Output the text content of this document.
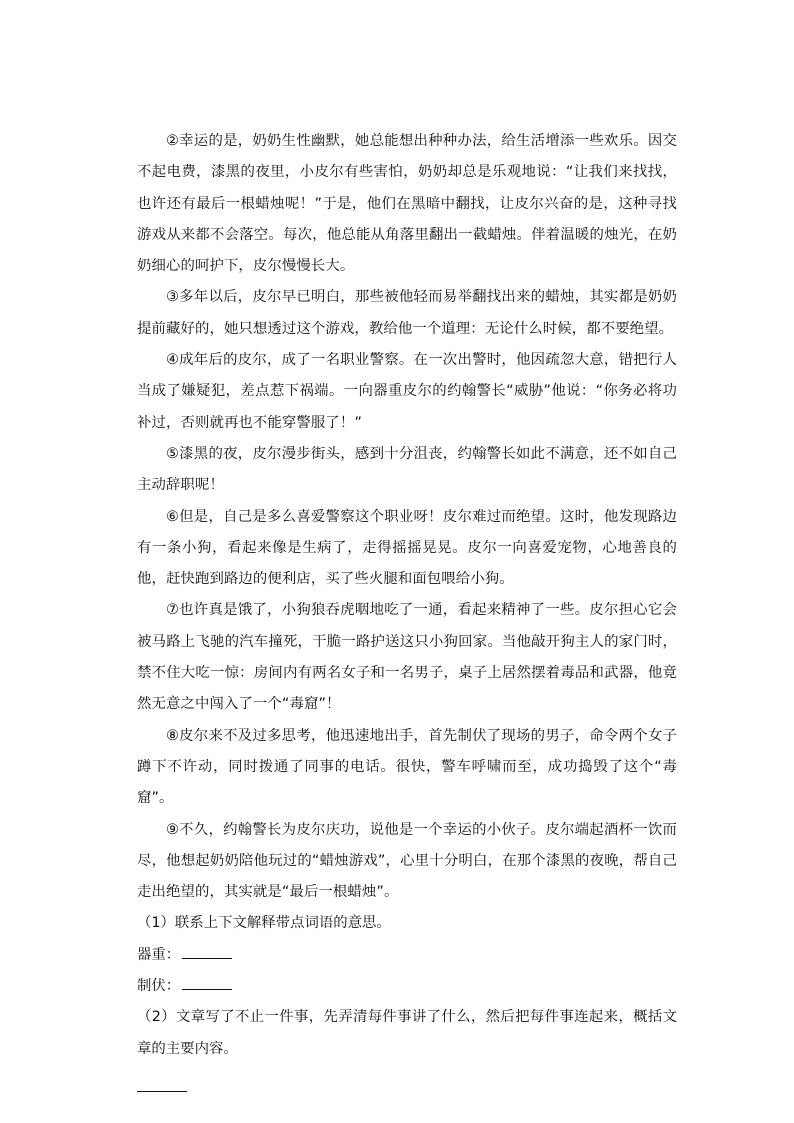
②幸运的是，奶奶生性幽默，她总能想出种种办法，给生活增添一些欢乐。因交不起电费，漆黑的夜里，小皮尔有些害怕，奶奶却总是乐观地说：“让我们来找找，也许还有最后一根蜡烛呢！”于是，他们在黑暗中翻找，让皮尔兴奋的是，这种寻找游戏从来都不会落空。每次，他总能从角落里翻出一截蜡烛。伴着温暖的烛光，在奶奶细心的呵护下，皮尔慢慢长大。

③多年以后，皮尔早已明白，那些被他轻而易举翻找出来的蜡烛，其实都是奶奶提前藏好的，她只想透过这个游戏，教给他一个道理：无论什么时候，都不要绝望。

④成年后的皮尔，成了一名职业警察。在一次出警时，他因疏忽大意，错把行人当成了嫌疑犯，差点惹下祸端。一向器重皮尔的约翰警长“威胁”他说：“你务必将功补过，否则就再也不能穿警服了！”

⑤漆黑的夜，皮尔漫步街头，感到十分沮丧，约翰警长如此不满意，还不如自己主动辞职呢！

⑥但是，自己是多么喜爱警察这个职业呀！皮尔难过而绝望。这时，他发现路边有一条小狗，看起来像是生病了，走得摇摇晃晃。皮尔一向喜爱宠物，心地善良的他，赶快跑到路边的便利店，买了些火腿和面包喂给小狗。

⑦也许真是饿了，小狗狼吞虎咽地吃了一通，看起来精神了一些。皮尔担心它会被马路上飞驰的汽车撞死，干脆一路护送这只小狗回家。当他敲开狗主人的家门时，禁不住大吃一惊：房间内有两名女子和一名男子，桌子上居然摆着毒品和武器，他竟然无意之中闯入了一个“毒窟”！

⑧皮尔来不及过多思考，他迅速地出手，首先制伏了现场的男子，命令两个女子蹲下不许动，同时拨通了同事的电话。很快，警车呼啸而至，成功捣毁了这个“毒窟”。

⑨不久，约翰警长为皮尔庆功，说他是一个幸运的小伙子。皮尔端起酒杯一饮而尽，他想起奶奶陪他玩过的“蜡烛游戏”，心里十分明白，在那个漆黑的夜晚，帮自己走出绝望的，其实就是“最后一根蜡烛”。

（1）联系上下文解释带点词语的意思。

器重：

制伏：

（2）文章写了不止一件事，先弄清每件事讲了什么，然后把每件事连起来，概括文章的主要内容。
